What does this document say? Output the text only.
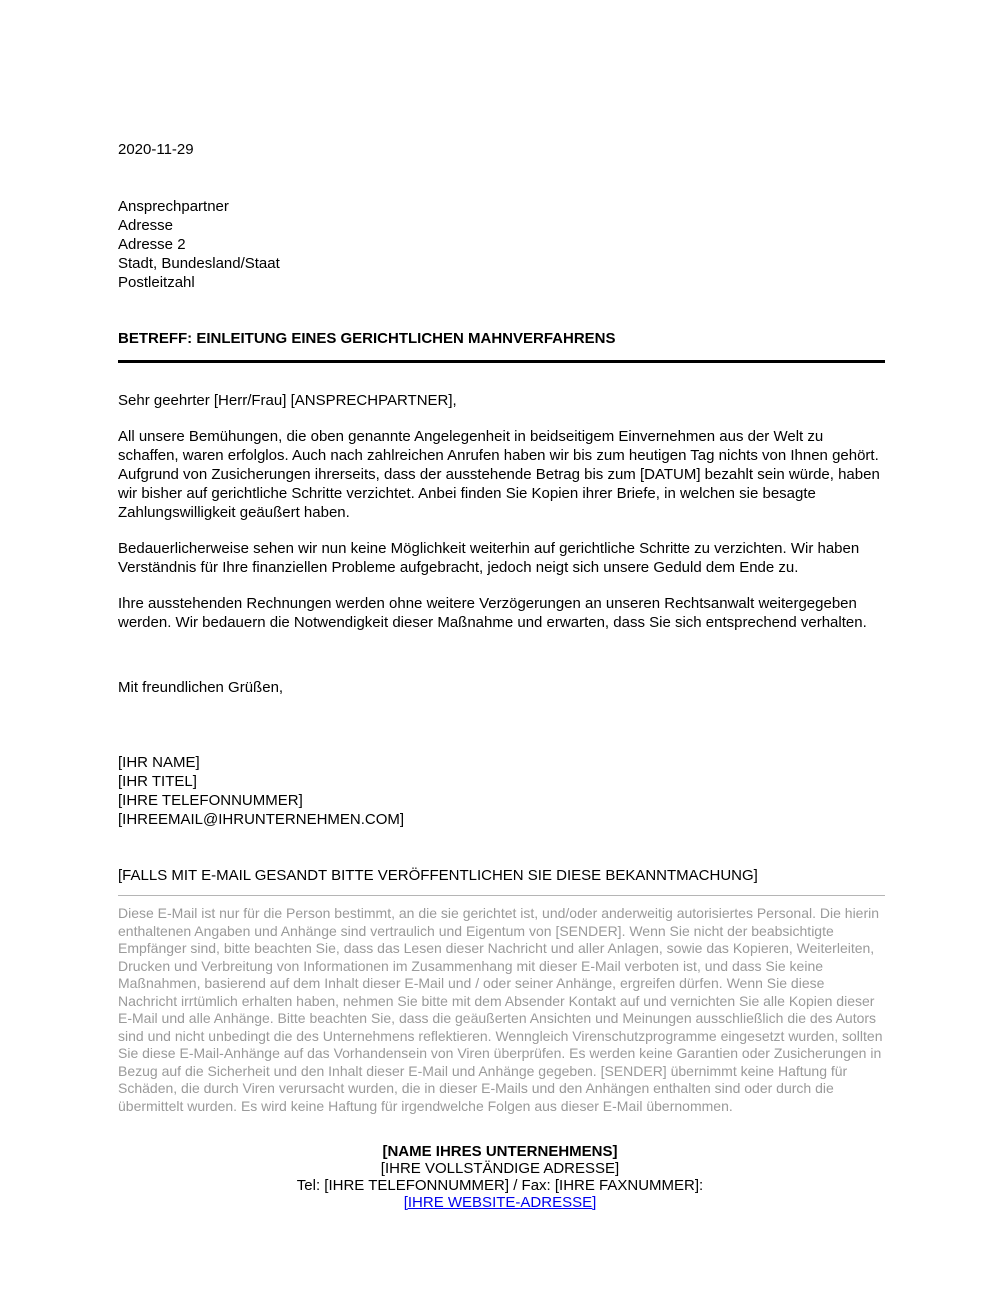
2020-11-29
Ansprechpartner
Adresse
Adresse 2
Stadt, Bundesland/Staat
Postleitzahl
BETREFF: EINLEITUNG EINES GERICHTLICHEN MAHNVERFAHRENS

Sehr geehrter [Herr/Frau] [ANSPRECHPARTNER],

All unsere Bemühungen, die oben genannte Angelegenheit in beidseitigem Einvernehmen aus der Welt zu schaffen, waren erfolglos. Auch nach zahlreichen Anrufen haben wir bis zum heutigen Tag nichts von Ihnen gehört. Aufgrund von Zusicherungen ihrerseits, dass der ausstehende Betrag bis zum [DATUM] bezahlt sein würde, haben wir bisher auf gerichtliche Schritte verzichtet. Anbei finden Sie Kopien ihrer Briefe, in welchen sie besagte Zahlungswilligkeit geäußert haben.

Bedauerlicherweise sehen wir nun keine Möglichkeit weiterhin auf gerichtliche Schritte zu verzichten. Wir haben Verständnis für Ihre finanziellen Probleme aufgebracht, jedoch neigt sich unsere Geduld dem Ende zu.

Ihre ausstehenden Rechnungen werden ohne weitere Verzögerungen an unseren Rechtsanwalt weitergegeben werden. Wir bedauern die Notwendigkeit dieser Maßnahme und erwarten, dass Sie sich entsprechend verhalten.

Mit freundlichen Grüßen,

[IHR NAME]
[IHR TITEL]
[IHRE TELEFONNUMMER]
[IHREEMAIL@IHRUNTERNEHMEN.COM]

[FALLS MIT E-MAIL GESANDT BITTE VERÖFFENTLICHEN SIE DIESE BEKANNTMACHUNG]

Diese E-Mail ist nur für die Person bestimmt, an die sie gerichtet ist, und/oder anderweitig autorisiertes Personal. Die hierin enthaltenen Angaben und Anhänge sind vertraulich und Eigentum von [SENDER]. Wenn Sie nicht der beabsichtigte Empfänger sind, bitte beachten Sie, dass das Lesen dieser Nachricht und aller Anlagen, sowie das Kopieren, Weiterleiten, Drucken und Verbreitung von Informationen im Zusammenhang mit dieser E-Mail verboten ist, und dass Sie keine Maßnahmen, basierend auf dem Inhalt dieser E-Mail und / oder seiner Anhänge, ergreifen dürfen. Wenn Sie diese Nachricht irrtümlich erhalten haben, nehmen Sie bitte mit dem Absender Kontakt auf und vernichten Sie alle Kopien dieser E-Mail und alle Anhänge. Bitte beachten Sie, dass die geäußerten Ansichten und Meinungen ausschließlich die des Autors sind und nicht unbedingt die des Unternehmens reflektieren. Wenngleich Virenschutzprogramme eingesetzt wurden, sollten Sie diese E-Mail-Anhänge auf das Vorhandensein von Viren überprüfen. Es werden keine Garantien oder Zusicherungen in Bezug auf die Sicherheit und den Inhalt dieser E-Mail und Anhänge gegeben. [SENDER] übernimmt keine Haftung für Schäden, die durch Viren verursacht wurden, die in dieser E-Mails und den Anhängen enthalten sind oder durch die übermittelt wurden. Es wird keine Haftung für irgendwelche Folgen aus dieser E-Mail übernommen.

[NAME IHRES UNTERNEHMENS]
[IHRE VOLLSTÄNDIGE ADRESSE]
Tel: [IHRE TELEFONNUMMER] / Fax: [IHRE FAXNUMMER]:
[IHRE WEBSITE-ADRESSE]
